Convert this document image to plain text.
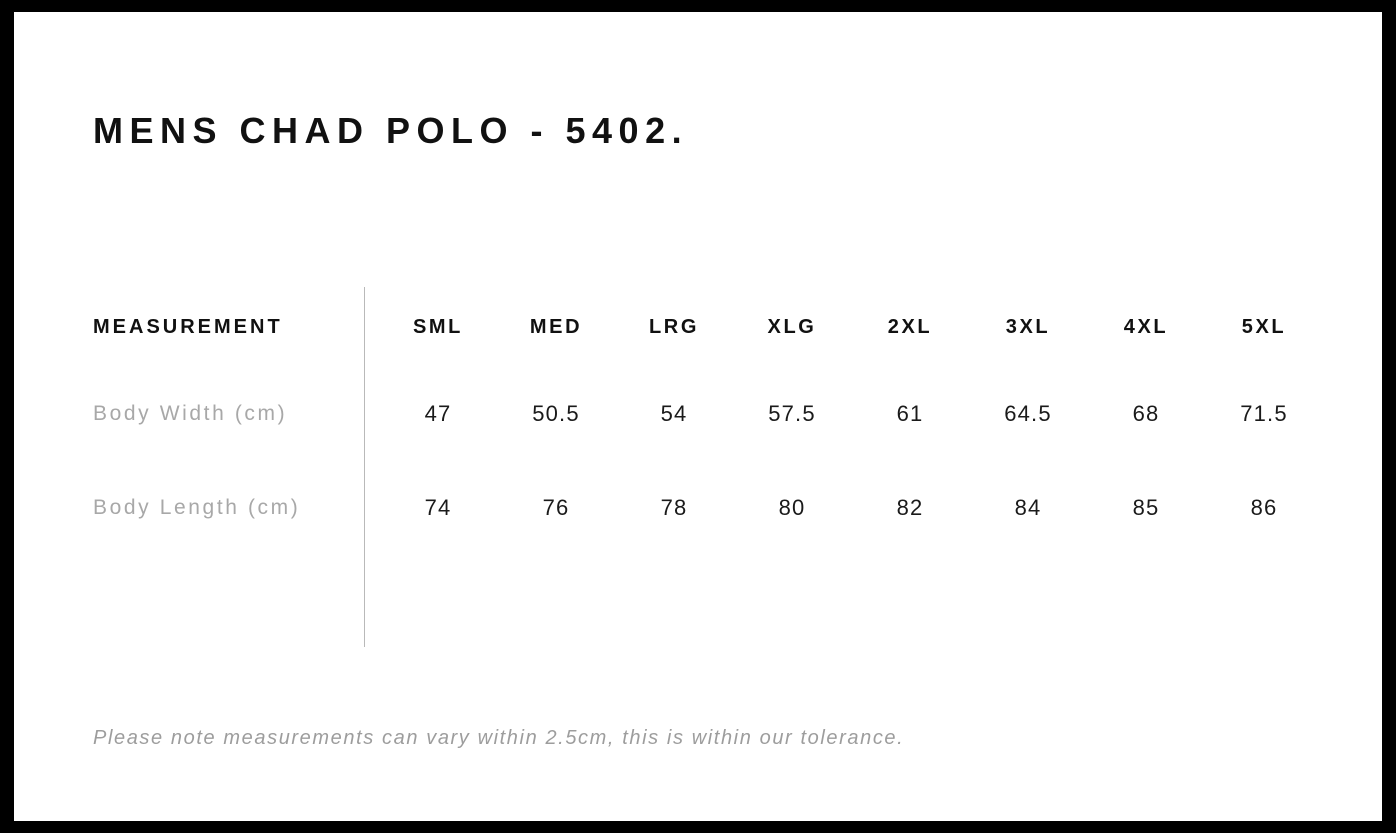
MENS CHAD POLO - 5402.
MEASUREMENT	SML	MED	LRG	XLG	2XL	3XL	4XL	5XL
Body Width (cm)	47	50.5	54	57.5	61	64.5	68	71.5
Body Length (cm)	74	76	78	80	82	84	85	86
Please note measurements can vary within 2.5cm, this is within our tolerance.
